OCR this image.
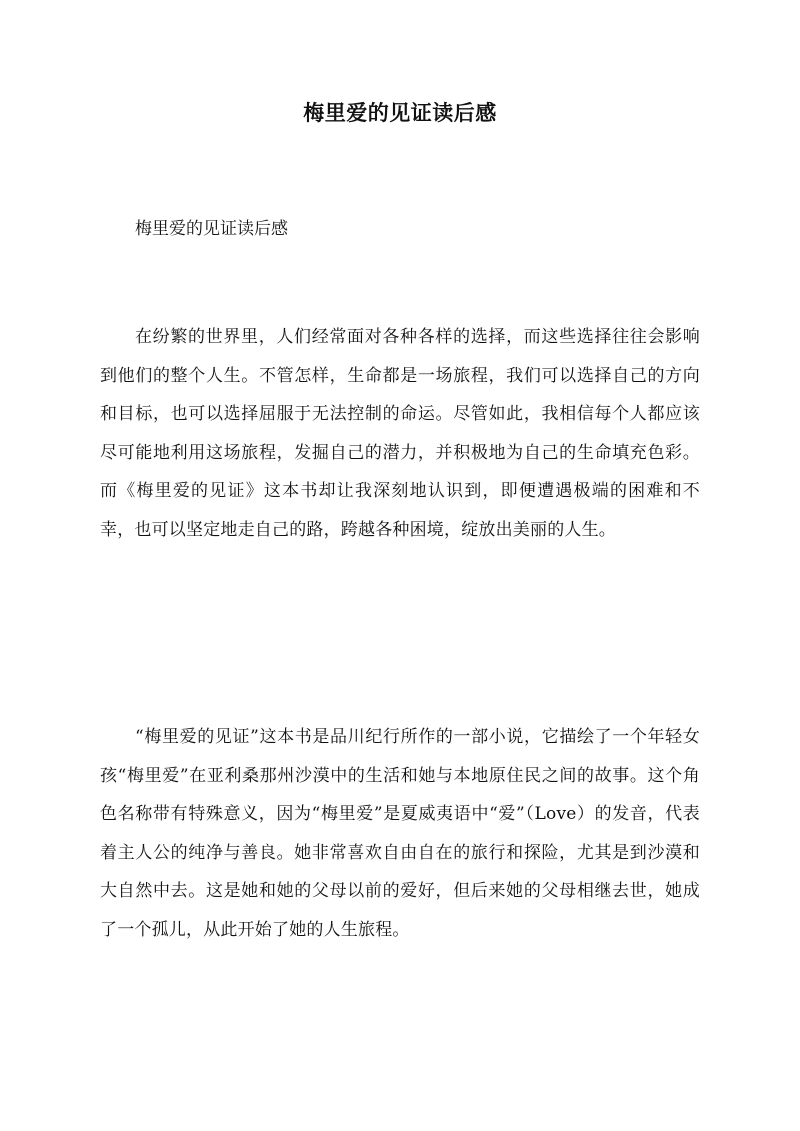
梅里爱的见证读后感

梅里爱的见证读后感

在纷繁的世界里，人们经常面对各种各样的选择，而这些选择往往会影响到他们的整个人生。不管怎样，生命都是一场旅程，我们可以选择自己的方向和目标，也可以选择屈服于无法控制的命运。尽管如此，我相信每个人都应该尽可能地利用这场旅程，发掘自己的潜力，并积极地为自己的生命填充色彩。而《梅里爱的见证》这本书却让我深刻地认识到，即便遭遇极端的困难和不幸，也可以坚定地走自己的路，跨越各种困境，绽放出美丽的人生。

“梅里爱的见证”这本书是品川纪行所作的一部小说，它描绘了一个年轻女孩“梅里爱”在亚利桑那州沙漠中的生活和她与本地原住民之间的故事。这个角色名称带有特殊意义，因为“梅里爱”是夏威夷语中“爱”（Love）的发音，代表着主人公的纯净与善良。她非常喜欢自由自在的旅行和探险，尤其是到沙漠和大自然中去。这是她和她的父母以前的爱好，但后来她的父母相继去世，她成了一个孤儿，从此开始了她的人生旅程。
